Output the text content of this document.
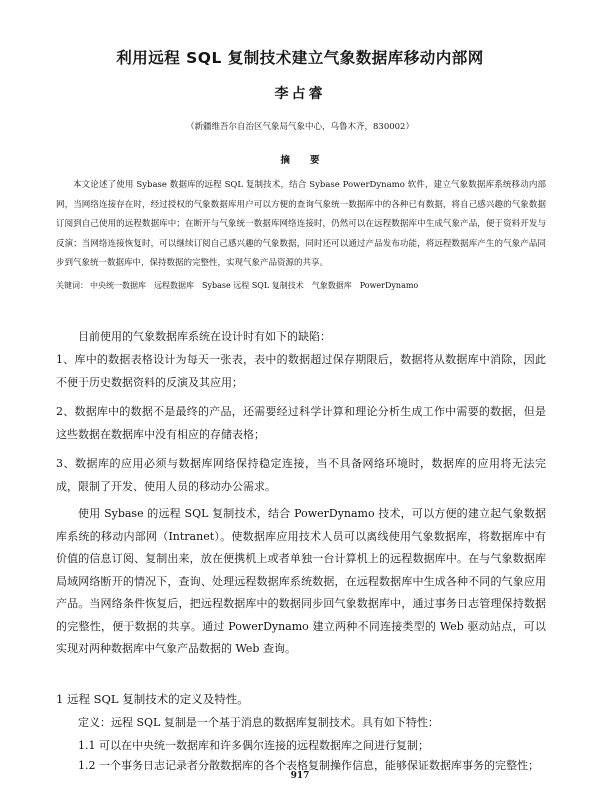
利用远程 SQL 复制技术建立气象数据库移动内部网
李占睿
（新疆维吾尔自治区气象局气象中心，乌鲁木齐，830002）
摘要

本文论述了使用 Sybase 数据库的远程 SQL 复制技术，结合 Sybase PowerDynamo 软件，建立气象数据库系统移动内部网，当网络连接存在时，经过授权的气象数据库用户可以方便的查询气象统一数据库中的各种已有数据，将自己感兴趣的气象数据订阅到自己使用的远程数据库中；在断开与气象统一数据库网络连接时，仍然可以在远程数据库中生成气象产品，便于资料开发与反演；当网络连接恢复时，可以继续订阅自己感兴趣的气象数据，同时还可以通过产品发布功能，将远程数据库产生的气象产品同步到气象统一数据库中，保持数据的完整性，实现气象产品资源的共享。

关键词： 中央统一数据库　远程数据库　Sybase 远程 SQL 复制技术　气象数据库　PowerDynamo

目前使用的气象数据库系统在设计时有如下的缺陷：

1、库中的数据表格设计为每天一张表，表中的数据超过保存期限后，数据将从数据库中消除，因此不便于历史数据资料的反演及其应用；

2、数据库中的数据不是最终的产品，还需要经过科学计算和理论分析生成工作中需要的数据，但是这些数据在数据库中没有相应的存储表格；

3、数据库的应用必须与数据库网络保持稳定连接，当不具备网络环境时，数据库的应用将无法完成，限制了开发、使用人员的移动办公需求。

使用 Sybase 的远程 SQL 复制技术，结合 PowerDynamo 技术，可以方便的建立起气象数据库系统的移动内部网（Intranet）。使数据库应用技术人员可以离线使用气象数据库，将数据库中有价值的信息订阅、复制出来，放在便携机上或者单独一台计算机上的远程数据库中。在与气象数据库局域网络断开的情况下，查询、处理远程数据库系统数据，在远程数据库中生成各种不同的气象应用产品。当网络条件恢复后，把远程数据库中的数据同步回气象数据库中，通过事务日志管理保持数据的完整性，便于数据的共享。通过 PowerDynamo 建立两种不同连接类型的 Web 驱动站点，可以实现对两种数据库中气象产品数据的 Web 查询。

1 远程 SQL 复制技术的定义及特性。

定义：远程 SQL 复制是一个基于消息的数据库复制技术。具有如下特性：

1.1 可以在中央统一数据库和许多偶尔连接的远程数据库之间进行复制；

1.2 一个事务日志记录者分散数据库的各个表格复制操作信息，能够保证数据库事务的完整性；

917
